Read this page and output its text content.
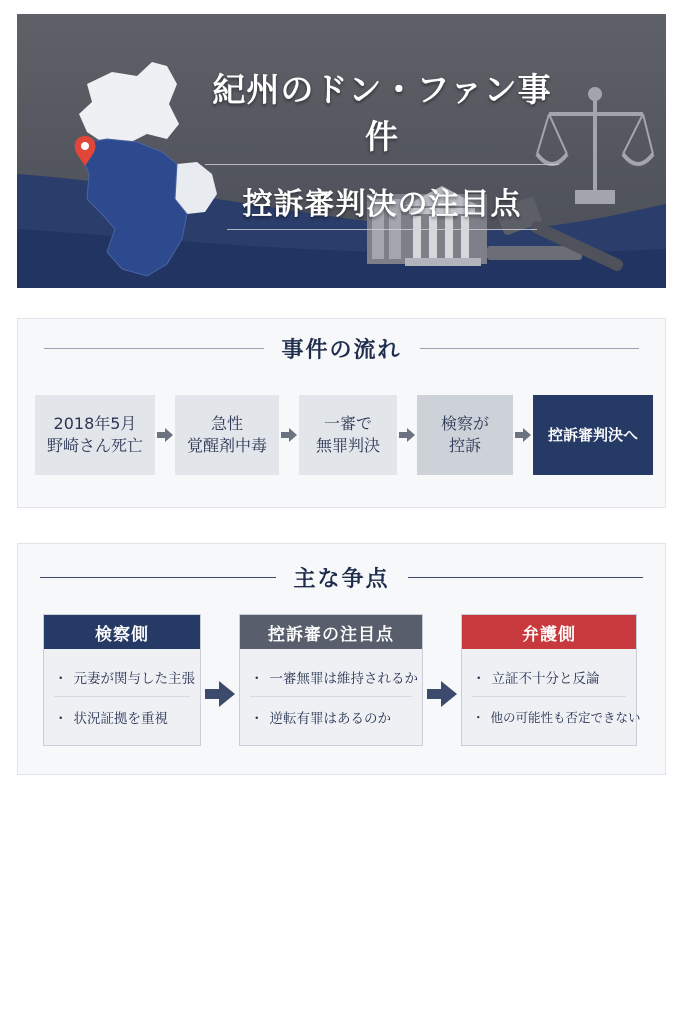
紀州のドン・ファン事件
控訴審判決の注目点
事件の流れ
2018年5月
野崎さん死亡
急性
覚醒剤中毒
一審で
無罪判決
検察が
控訴
控訴審判決へ
主な争点
検察側
・ 元妻が関与した主張
・ 状況証拠を重視
控訴審の注目点
・ 一審無罪は維持されるか
・ 逆転有罪はあるのか
弁護側
・ 立証不十分と反論
・ 他の可能性も否定できない
